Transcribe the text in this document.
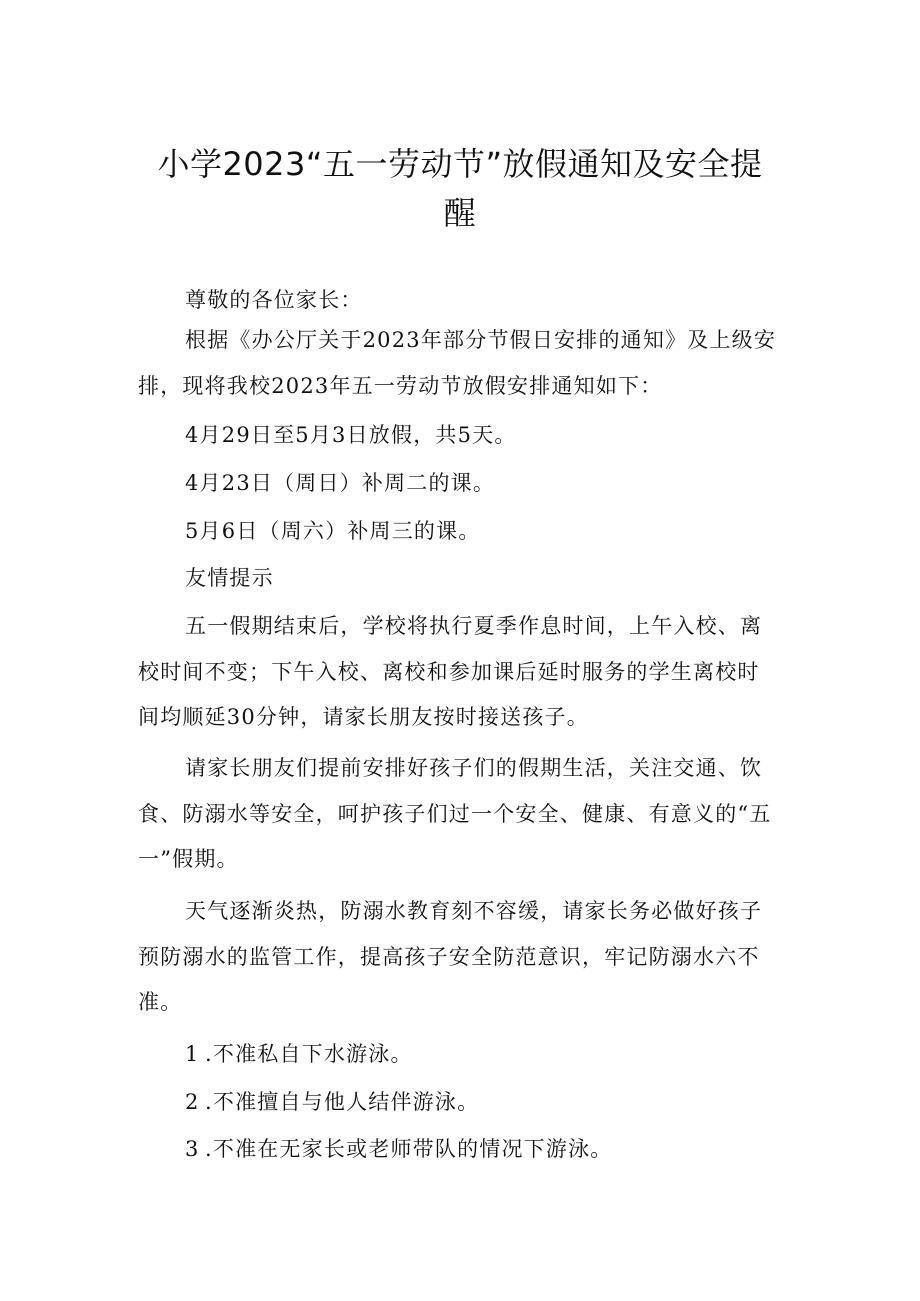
小学2023“五一劳动节”放假通知及安全提
醒

尊敬的各位家长：

根据《办公厅关于2023年部分节假日安排的通知》及上级安
排，现将我校2023年五一劳动节放假安排通知如下：

4月29日至5月3日放假，共5天。

4月23日（周日）补周二的课。

5月6日（周六）补周三的课。

友情提示

五一假期结束后，学校将执行夏季作息时间，上午入校、离
校时间不变；下午入校、离校和参加课后延时服务的学生离校时
间均顺延30分钟，请家长朋友按时接送孩子。

请家长朋友们提前安排好孩子们的假期生活，关注交通、饮
食、防溺水等安全，呵护孩子们过一个安全、健康、有意义的“五
一”假期。

天气逐渐炎热，防溺水教育刻不容缓，请家长务必做好孩子
预防溺水的监管工作，提高孩子安全防范意识，牢记防溺水六不
准。

1 .不准私自下水游泳。

2 .不准擅自与他人结伴游泳。

3 .不准在无家长或老师带队的情况下游泳。
